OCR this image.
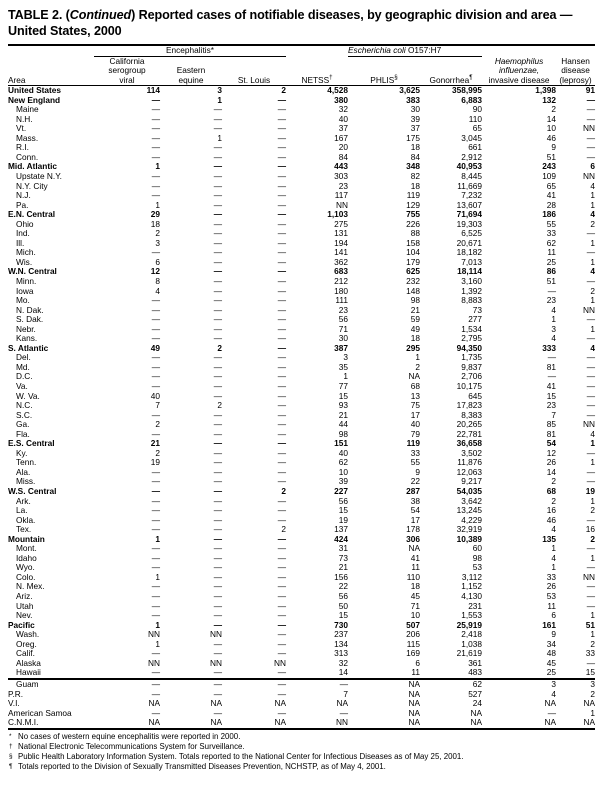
TABLE 2. (Continued) Reported cases of notifiable diseases, by geographic division and area — United States, 2000
	Encephalitis*				Escherichia coli O157:H7				
	California						Haemophilus	Hansen	
	serogroup	Eastern					influenzae,	disease	
Area	viral	equine	St. Louis	NETSS†	PHLIS§	Gonorrhea¶	invasive disease	(leprosy)	
United States	114	3	2	4,528	3,625	358,995	1,398	91	
New England	—	1	—	380	383	6,883	132	—	
Maine	—	—	—	32	30	90	2	—	
N.H.	—	—	—	40	39	110	14	—	
Vt.	—	—	—	37	37	65	10	NN	
Mass.	—	1	—	167	175	3,045	46	—	
R.I.	—	—	—	20	18	661	9	—	
Conn.	—	—	—	84	84	2,912	51	—	
Mid. Atlantic	1	—	—	443	348	40,953	243	6	
Upstate N.Y.	—	—	—	303	82	8,445	109	NN	
N.Y. City	—	—	—	23	18	11,669	65	4	
N.J.	—	—	—	117	119	7,232	41	1	
Pa.	1	—	—	NN	129	13,607	28	1	
E.N. Central	29	—	—	1,103	755	71,694	186	4	
Ohio	18	—	—	275	226	19,303	55	2	
Ind.	2	—	—	131	88	6,525	33	—	
Ill.	3	—	—	194	158	20,671	62	1	
Mich.	—	—	—	141	104	18,182	11	—	
Wis.	6	—	—	362	179	7,013	25	1	
W.N. Central	12	—	—	683	625	18,114	86	4	
Minn.	8	—	—	212	232	3,160	51	—	
Iowa	4	—	—	180	148	1,392	—	2	
Mo.	—	—	—	111	98	8,883	23	1	
N. Dak.	—	—	—	23	21	73	4	NN	
S. Dak.	—	—	—	56	59	277	1	—	
Nebr.	—	—	—	71	49	1,534	3	1	
Kans.	—	—	—	30	18	2,795	4	—	
S. Atlantic	49	2	—	387	295	94,350	333	4	
Del.	—	—	—	3	1	1,735	—	—	
Md.	—	—	—	35	2	9,837	81	—	
D.C.	—	—	—	1	NA	2,706	—	—	
Va.	—	—	—	77	68	10,175	41	—	
W. Va.	40	—	—	15	13	645	15	—	
N.C.	7	2	—	93	75	17,823	23	—	
S.C.	—	—	—	21	17	8,383	7	—	
Ga.	2	—	—	44	40	20,265	85	NN	
Fla.	—	—	—	98	79	22,781	81	4	
E.S. Central	21	—	—	151	119	36,658	54	1	
Ky.	2	—	—	40	33	3,502	12	—	
Tenn.	19	—	—	62	55	11,876	26	1	
Ala.	—	—	—	10	9	12,063	14	—	
Miss.	—	—	—	39	22	9,217	2	—	
W.S. Central	—	—	2	227	287	54,035	68	19	
Ark.	—	—	—	56	38	3,642	2	1	
La.	—	—	—	15	54	13,245	16	2	
Okla.	—	—	—	19	17	4,229	46	—	
Tex.	—	—	2	137	178	32,919	4	16	
Mountain	1	—	—	424	306	10,389	135	2	
Mont.	—	—	—	31	NA	60	1	—	
Idaho	—	—	—	73	41	98	4	1	
Wyo.	—	—	—	21	11	53	1	—	
Colo.	1	—	—	156	110	3,112	33	NN	
N. Mex.	—	—	—	22	18	1,152	26	—	
Ariz.	—	—	—	56	45	4,130	53	—	
Utah	—	—	—	50	71	231	11	—	
Nev.	—	—	—	15	10	1,553	6	1	
Pacific	1	—	—	730	507	25,919	161	51	
Wash.	NN	NN	—	237	206	2,418	9	1	
Oreg.	1	—	—	134	115	1,038	34	2	
Calif.	—	—	—	313	169	21,619	48	33	
Alaska	NN	NN	NN	32	6	361	45	—	
Hawaii	—	—	—	14	11	483	25	15	
Guam	—	—	—	—	NA	62	3	3	
P.R.	—	—	—	7	NA	527	4	2	
V.I.	NA	NA	NA	NA	NA	24	NA	NA	
American Samoa	—	—	—	—	NA	NA	—	1	
C.N.M.I.	NA	NA	NA	NN	NA	NA	NA	NA	

* No cases of western equine encephalitis were reported in 2000.
† National Electronic Telecommunications System for Surveillance.
§ Public Health Laboratory Information System. Totals reported to the National Center for Infectious Diseases as of May 25, 2001.
¶ Totals reported to the Division of Sexually Transmitted Diseases Prevention, NCHSTP, as of May 4, 2001.
